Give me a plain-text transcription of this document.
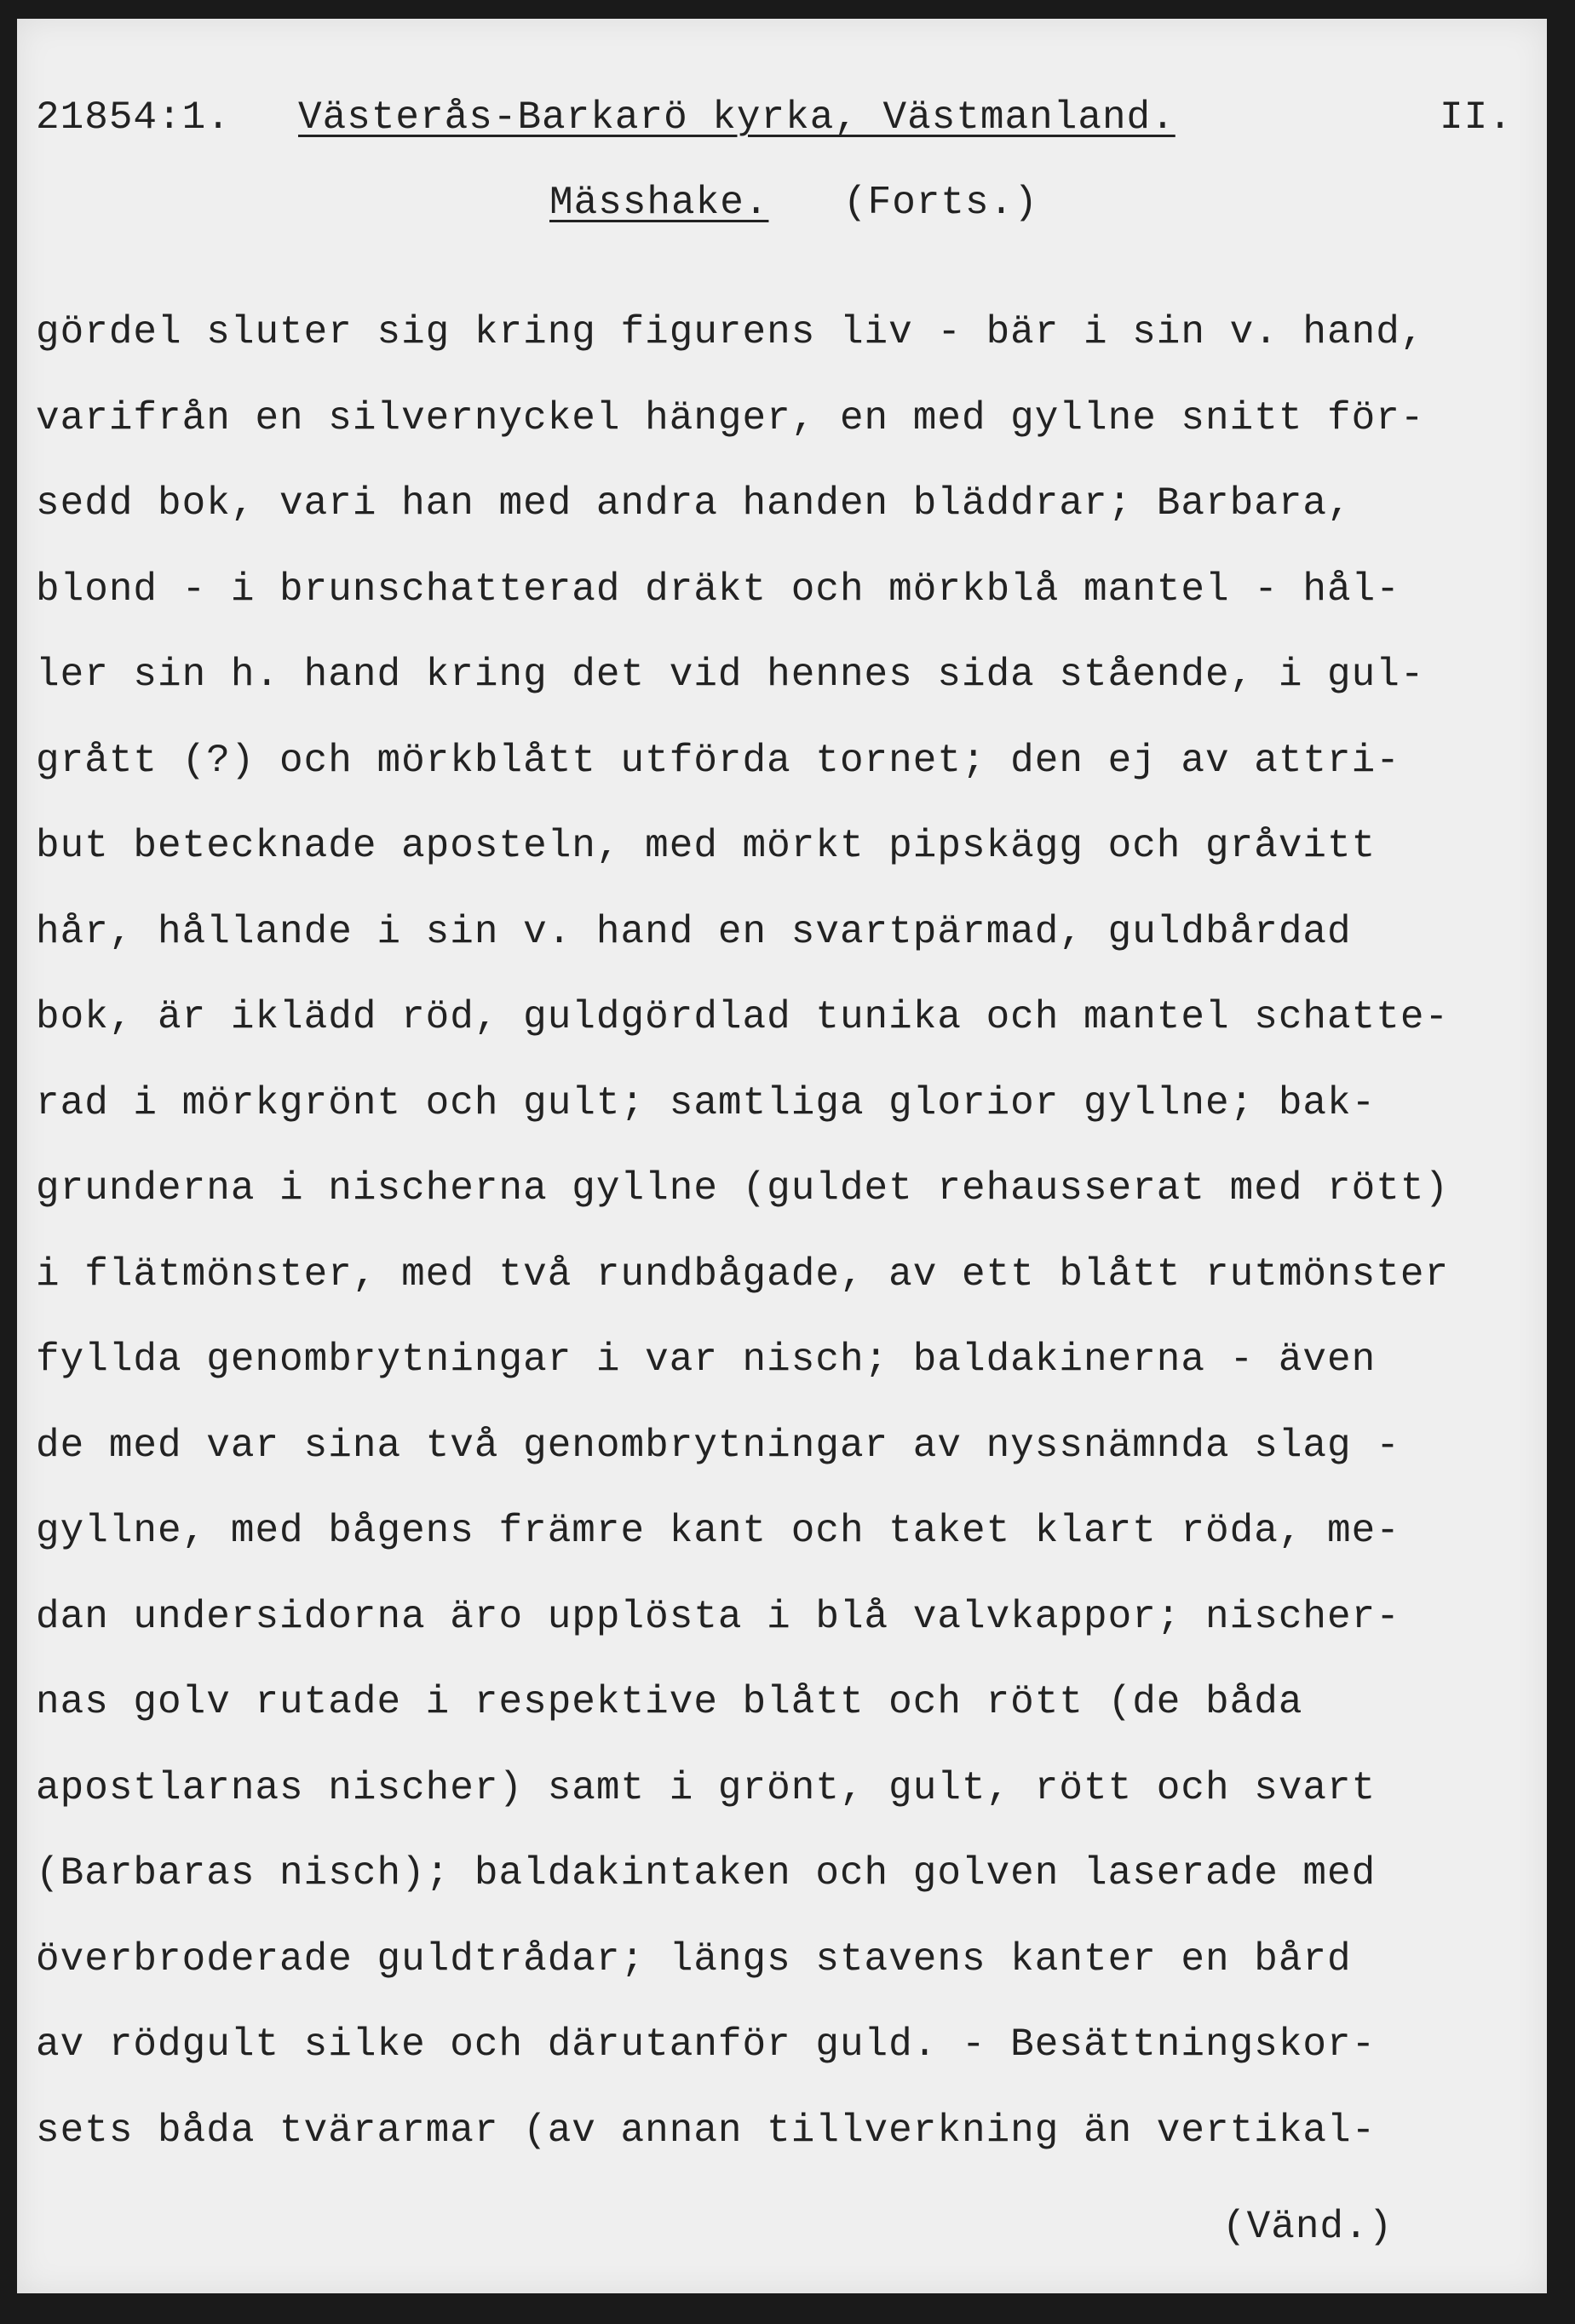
21854:1. Västerås-Barkarö kyrka, Västmanland.	II.
Mässhake. (Forts.)
gördel sluter sig kring figurens liv - bär i sin v. hand,
varifrån en silvernyckel hänger, en med gyllne snitt för-
sedd bok, vari han med andra handen bläddrar; Barbara,
blond - i brunschatterad dräkt och mörkblå mantel - hål-
ler sin h. hand kring det vid hennes sida stående, i gul-
grått (?) och mörkblått utförda tornet; den ej av attri-
but betecknade aposteln, med mörkt pipskägg och gråvitt
hår, hållande i sin v. hand en svartpärmad, guldbårdad
bok, är iklädd röd, guldgördlad tunika och mantel schatte-
rad i mörkgrönt och gult; samtliga glorior gyllne; bak-
grunderna i nischerna gyllne (guldet rehausserat med rött)
i flätmönster, med två rundbågade, av ett blått rutmönster
fyllda genombrytningar i var nisch; baldakinerna - även
de med var sina två genombrytningar av nyssnämnda slag -
gyllne, med bågens främre kant och taket klart röda, me-
dan undersidorna äro upplösta i blå valvkappor; nischer-
nas golv rutade i respektive blått och rött (de båda
apostlarnas nischer) samt i grönt, gult, rött och svart
(Barbaras nisch); baldakintaken och golven laserade med
överbroderade guldtrådar; längs stavens kanter en bård
av rödgult silke och därutanför guld. - Besättningskor-
sets båda tvärarmar (av annan tillverkning än vertikal-
(Vänd.)
